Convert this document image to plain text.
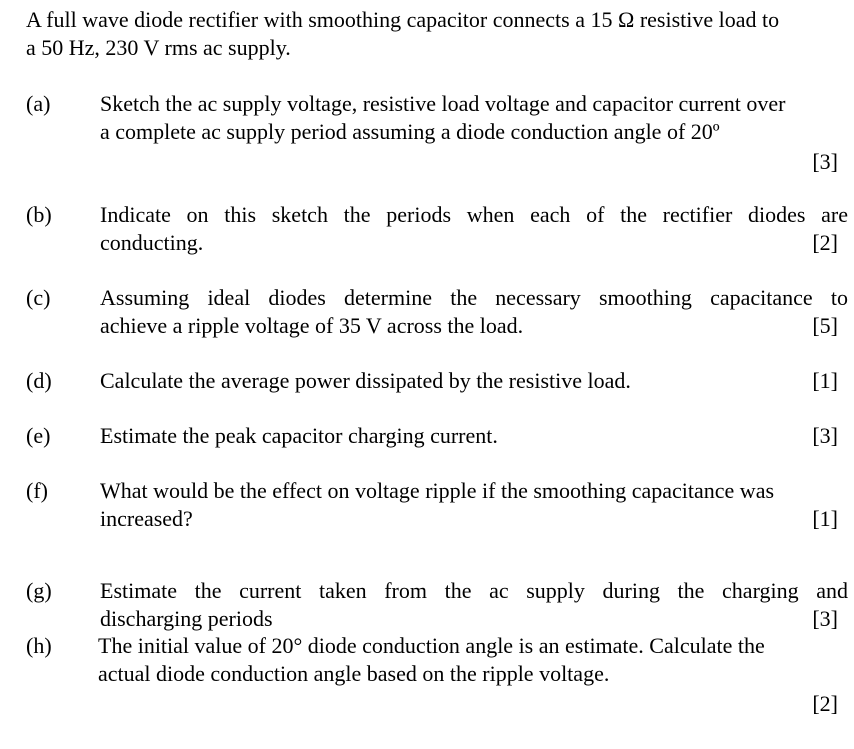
A full wave diode rectifier with smoothing capacitor connects a 15 Ω resistive load to
a 50 Hz, 230 V rms ac supply.
(a)	Sketch the ac supply voltage, resistive load voltage and capacitor current over
a complete ac supply period assuming a diode conduction angle of 20º
[3]
(b)	Indicate on this sketch the periods when each of the rectifier diodes are
conducting.	[2]
(c)	Assuming ideal diodes determine the necessary smoothing capacitance to
achieve a ripple voltage of 35 V across the load.	[5]
(d)	Calculate the average power dissipated by the resistive load.	[1]
(e)	Estimate the peak capacitor charging current.	[3]
(f)	What would be the effect on voltage ripple if the smoothing capacitance was
increased?	[1]
(g)	Estimate the current taken from the ac supply during the charging and
discharging periods	[3]
(h)	The initial value of 20° diode conduction angle is an estimate. Calculate the
actual diode conduction angle based on the ripple voltage.
[2]
